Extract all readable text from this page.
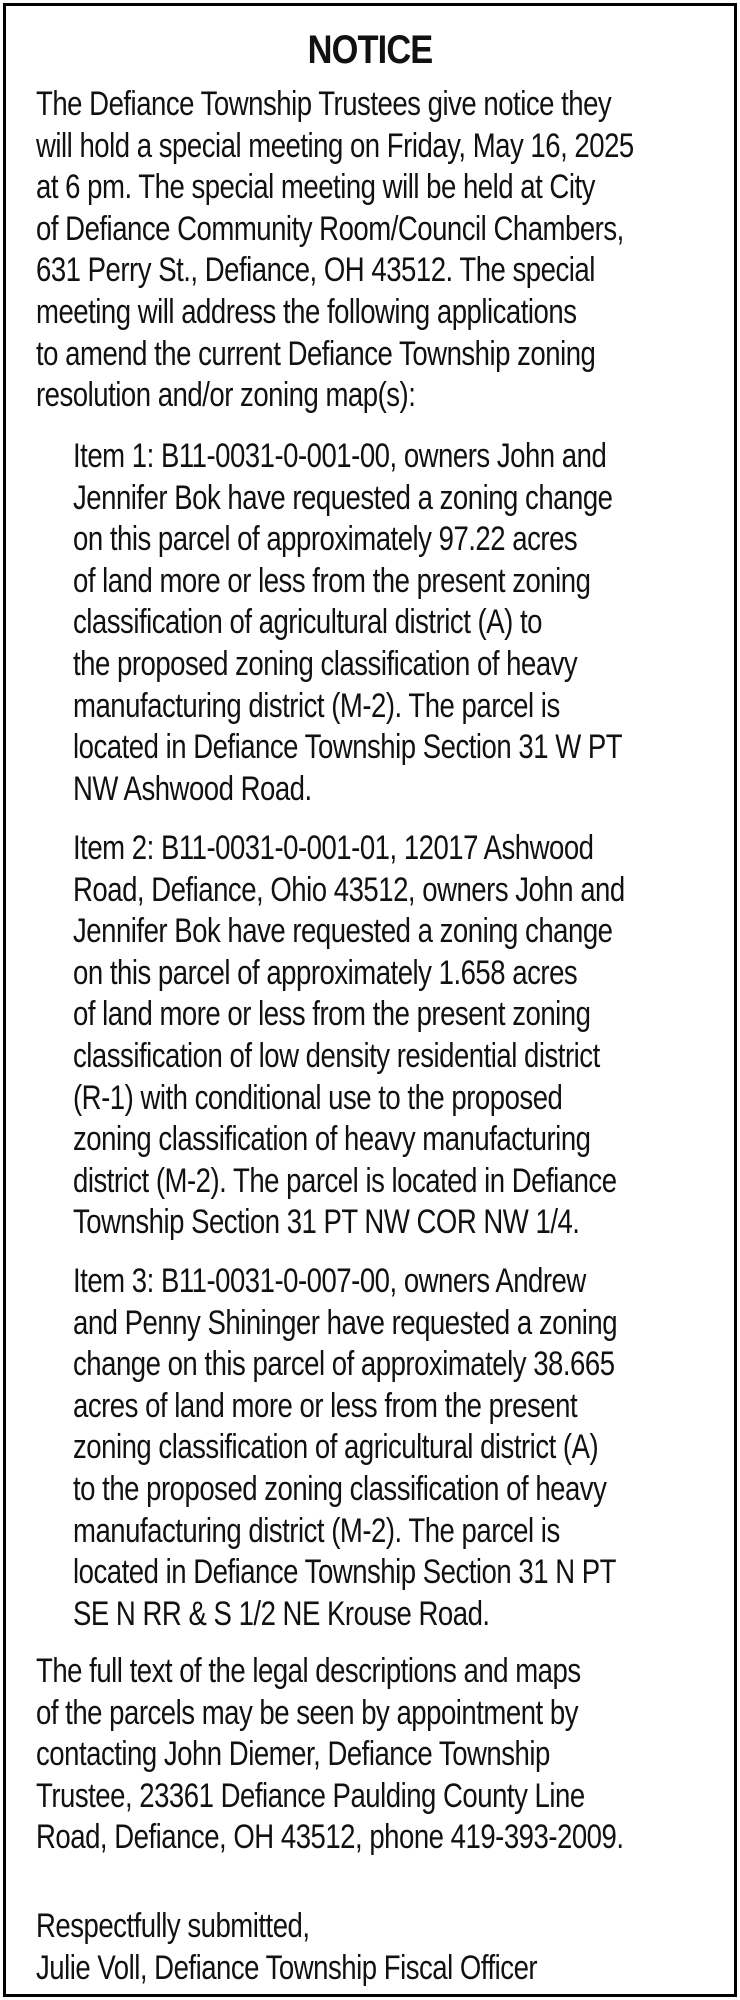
NOTICE

The Defiance Township Trustees give notice they
will hold a special meeting on Friday, May 16, 2025
at 6 pm. The special meeting will be held at City
of Defiance Community Room/Council Chambers,
631 Perry St., Defiance, OH 43512. The special
meeting will address the following applications
to amend the current Defiance Township zoning
resolution and/or zoning map(s):

Item 1: B11-0031-0-001-00, owners John and
Jennifer Bok have requested a zoning change
on this parcel of approximately 97.22 acres
of land more or less from the present zoning
classification of agricultural district (A) to
the proposed zoning classification of heavy
manufacturing district (M-2). The parcel is
located in Defiance Township Section 31 W PT
NW Ashwood Road.

Item 2: B11-0031-0-001-01, 12017 Ashwood
Road, Defiance, Ohio 43512, owners John and
Jennifer Bok have requested a zoning change
on this parcel of approximately 1.658 acres
of land more or less from the present zoning
classification of low density residential district
(R-1) with conditional use to the proposed
zoning classification of heavy manufacturing
district (M-2). The parcel is located in Defiance
Township Section 31 PT NW COR NW 1/4.

Item 3: B11-0031-0-007-00, owners Andrew
and Penny Shininger have requested a zoning
change on this parcel of approximately 38.665
acres of land more or less from the present
zoning classification of agricultural district (A)
to the proposed zoning classification of heavy
manufacturing district (M-2). The parcel is
located in Defiance Township Section 31 N PT
SE N RR & S 1/2 NE Krouse Road.

The full text of the legal descriptions and maps
of the parcels may be seen by appointment by
contacting John Diemer, Defiance Township
Trustee, 23361 Defiance Paulding County Line
Road, Defiance, OH 43512, phone 419-393-2009.

Respectfully submitted,
Julie Voll, Defiance Township Fiscal Officer
